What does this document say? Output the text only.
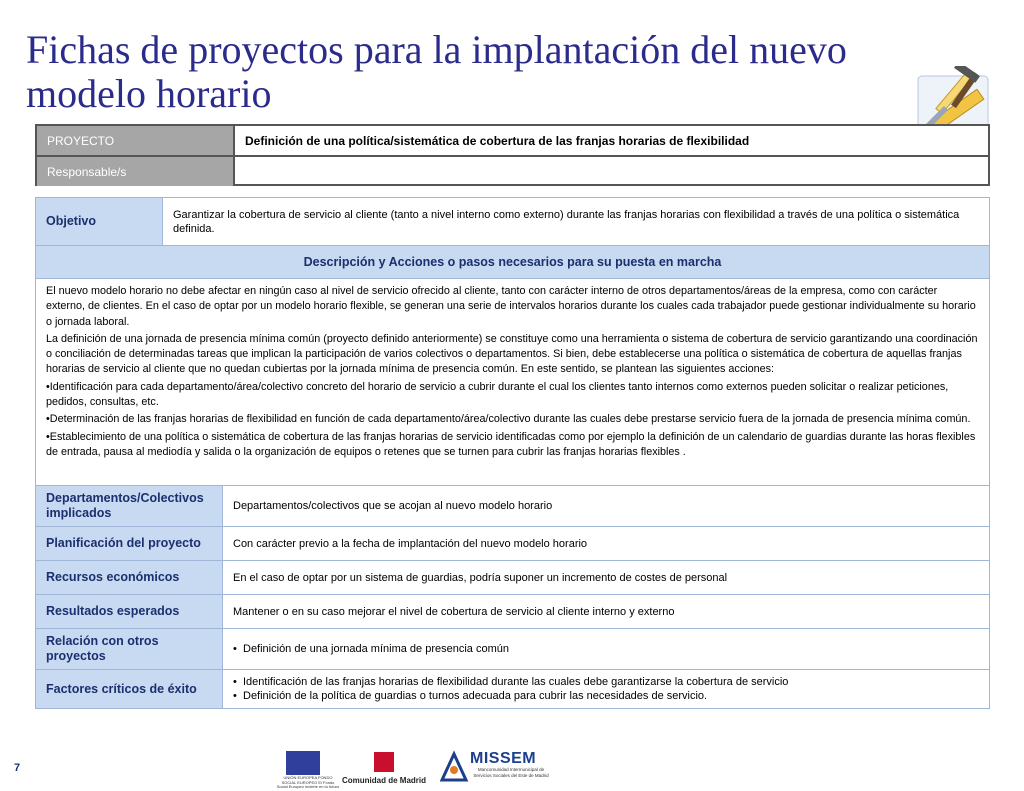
Fichas de proyectos para la implantación del nuevo modelo horario
PROYECTO	Definición de una política/sistemática de cobertura de las franjas horarias de flexibilidad
Responsable/s
Objetivo	Garantizar la cobertura de servicio al cliente (tanto a nivel interno como externo) durante las franjas horarias con flexibilidad a través de una política o sistemática definida.
Descripción y Acciones o pasos necesarios para su puesta en marcha

El nuevo modelo horario no debe afectar en ningún caso al nivel de servicio ofrecido al cliente, tanto con carácter interno de otros departamentos/áreas de la empresa, como con carácter externo, de clientes. En el caso de optar por un modelo horario flexible, se generan una serie de intervalos horarios durante los cuales cada trabajador puede gestionar individualmente su horario o jornada laboral.

La definición de una jornada de presencia mínima común (proyecto definido anteriormente) se constituye como una herramienta o sistema de cobertura de servicio garantizando una coordinación o conciliación de determinadas tareas que implican la participación de varios colectivos o departamentos. Si bien, debe establecerse una política o sistemática de cobertura de aquellas franjas horarias de servicio al cliente que no quedan cubiertas por la jornada mínima de presencia común. En este sentido, se plantean las siguientes acciones:

•Identificación para cada departamento/área/colectivo concreto del horario de servicio a cubrir durante el cual los clientes tanto internos como externos pueden solicitar o realizar peticiones, pedidos, consultas, etc.

•Determinación de las franjas horarias de flexibilidad en función de cada departamento/área/colectivo durante las cuales debe prestarse servicio fuera de la jornada de presencia mínima común.

•Establecimiento de una política o sistemática de cobertura de las franjas horarias de servicio identificadas como por ejemplo la definición de un calendario de guardias durante las horas flexibles de entrada, pausa al mediodía y salida o la organización de equipos o retenes que se turnen para cubrir las franjas horarias flexibles .

Departamentos/Colectivos implicados	Departamentos/colectivos que se acojan al nuevo modelo horario
Planificación del proyecto	Con carácter previo a la fecha de implantación del nuevo modelo horario
Recursos económicos	En el caso de optar por un sistema de guardias, podría suponer un incremento de costes de personal
Resultados esperados	Mantener o en su caso mejorar el nivel de cobertura de servicio al cliente interno y externo
Relación con otros proyectos	• Definición de una jornada mínima de presencia común
Factores críticos de éxito	• Identificación de las franjas horarias de flexibilidad durante las cuales debe garantizarse la cobertura de servicio
• Definición de la política de guardias o turnos adecuada para cubrir las necesidades de servicio.
7
UNIÓN EUROPEA FONDO SOCIAL EUROPEO El Fondo Social Europeo invierte en tu futuro
Comunidad de Madrid
MISSEM
Mancomunidad Intermunicipal de Servicios Sociales del Este de Madrid
